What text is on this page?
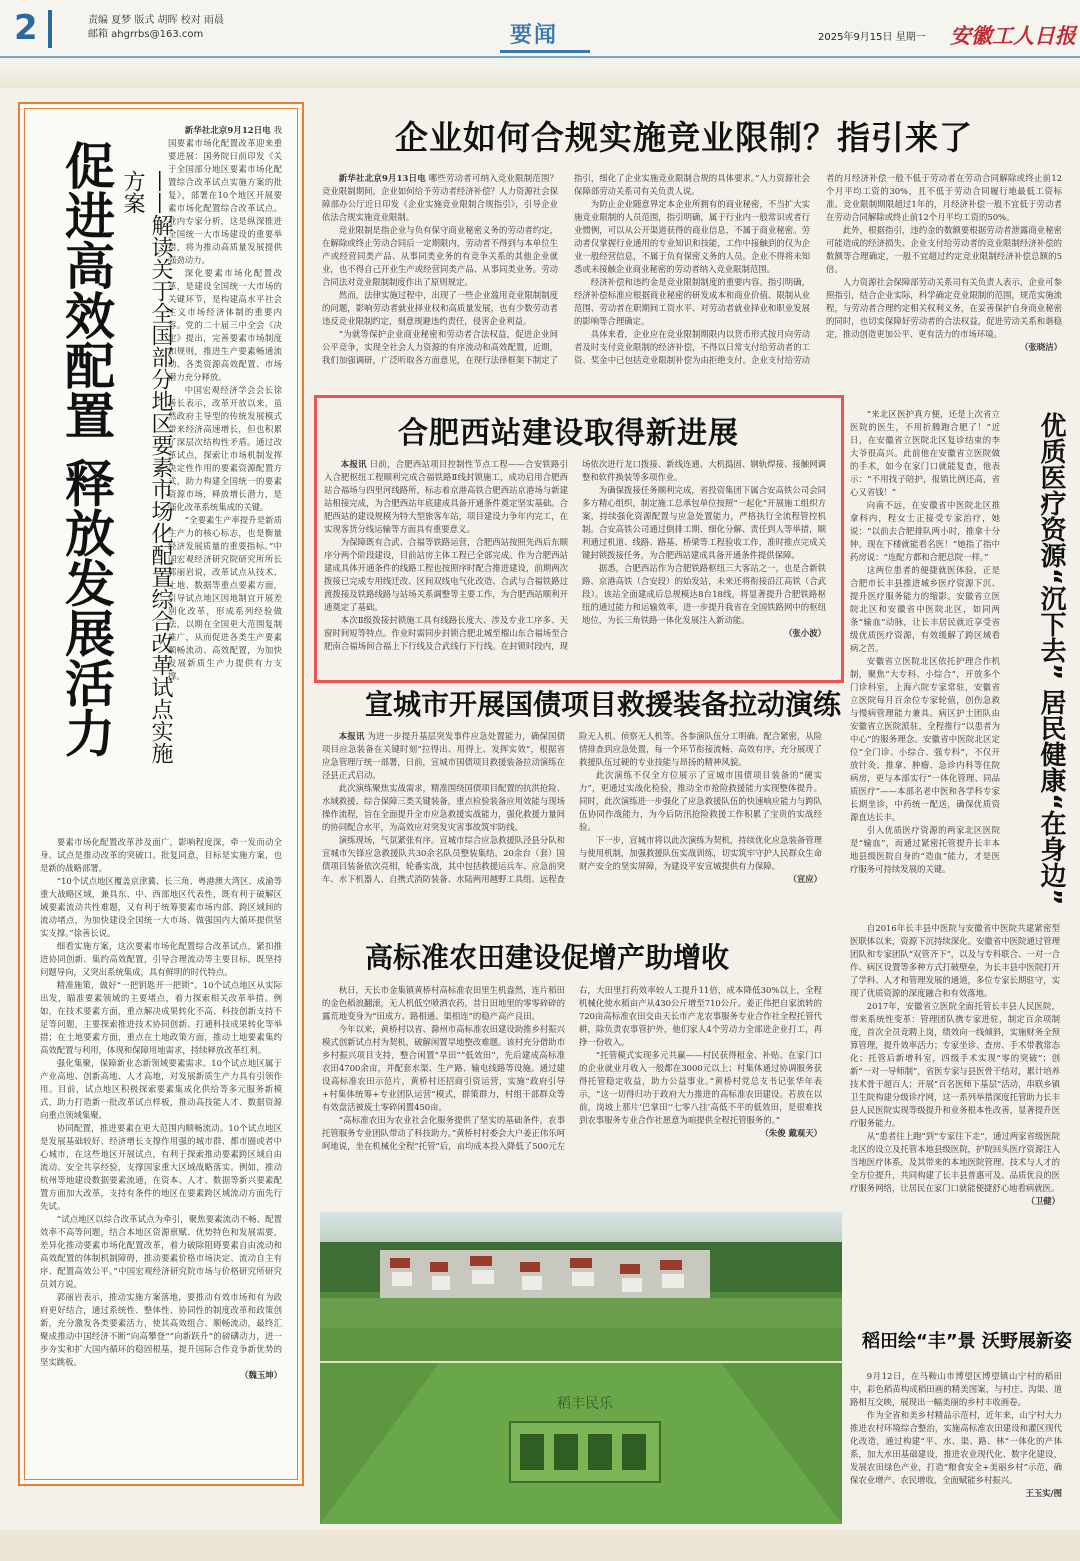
2	责编 夏梦 版式 胡晖 校对 雨晨
邮箱 ahgrrbs@163.com	要闻	2025年9月15日 星期一 安徽工人日报
促进高效配置 释放发展活力	——解读关于全国部分地区要素市场化配置综合改革试点实施方案

新华社北京9月12日电 我国要素市场化配置改革迎来重要进展：国务院日前印发《关于全国部分地区要素市场化配置综合改革试点实施方案的批复》，部署在10个地区开展要素市场化配置综合改革试点。业内专家分析，这是纵深推进全国统一大市场建设的重要举措，将为推动高质量发展提供强劲动力。

深化要素市场化配置改革，是建设全国统一大市场的关键环节，是构建高水平社会主义市场经济体制的重要内容。党的二十届三中全会《决定》提出，完善要素市场制度和规则，推进生产要素畅通流动、各类资源高效配置、市场潜力充分释放。

中国宏观经济学会会长徐善长表示，改革开放以来，虽然政府主导型的传统发展模式带来经济高速增长，但也积累了深层次结构性矛盾。通过改革试点，探索让市场机制发挥决定性作用的要素资源配置方式，助力构建全国统一的要素资源市场，释放增长潜力，是强化改革系统集成的关键。

“全要素生产率提升是新质生产力的核心标志，也是衡量经济发展质量的重要指标。”中国宏观经济研究院研究所所长郭丽岩说，改革试点从技术、土地、数据等重点要素方面，引导试点地区因地制宜开展差别化改革，形成系列经验做法，以期在全国更大范围复制推广，从而促进各类生产要素顺畅流动、高效配置，为加快发展新质生产力提供有力支撑。

要素市场化配置改革涉及面广，影响程度深，牵一发而动全身。试点是推动改革的突破口。批复同意，目标是实施方案，也是新的战略部署。

“10个试点地区覆盖京津冀、长三角、粤港澳大湾区、成渝等重大战略区域，兼具东、中、西部地区代表性，既有利于破解区域要素流动共性难题，又有利于统筹要素市场内部、跨区域间的流动堵点，为加快建设全国统一大市场、做强国内大循环提供坚实支撑。”徐善长说。

细看实施方案，这次要素市场化配置综合改革试点，紧扣推进协同创新、集约高效配置，引导合理流动等主要目标，既坚持问题导向，又突出系统集成，具有鲜明的时代特点。

精准施策，做好“一把钥匙开一把锁”。10个试点地区从实际出发，瞄准要素领域的主要堵点，着力探索相关改革举措。例如，在技术要素方面，重点解决成果转化不高、科技创新支持不足等问题，主要探索推进技术协同创新、打通科技成果转化等举措；在土地要素方面，重点在土地政策方面，推动土地要素集约高效配置与利用，体现和保障用地需求，持续释放改革红利。

强化集聚，保障新业态新领域要素需求。10个试点地区属于产业高地、创新高地、人才高地，对发展新质生产力具有引领作用。目前，试点地区积极探索要素集成化供给等多元服务新模式，助力打造新一批改革试点样板，推动高技能人才、数据资源向重点领域集聚。

协同配置，推进要素在更大范围内顺畅流动。10个试点地区是发展基础较好、经济增长支撑作用强的城市群、都市圈或者中心城市，在这些地区开展试点，有利于探索推动要素跨区域自由流动、安全共享经验，支撑国家重大区域战略落实。例如，推动杭州等地建设数据要素流通，在资本、人才、数据等新兴要素配置方面加大改革，支持有条件的地区在要素跨区域流动方面先行先试。

“试点地区以综合改革试点为牵引，聚焦要素流动不畅、配置效率不高等问题，结合本地区资源禀赋、优势特色和发展需要，差异化推动要素市场化配置改革，着力破除阻碍要素自由流动和高效配置的体制机制障碍，推动要素价格市场决定、流动自主有序、配置高效公平。”中国宏观经济研究院市场与价格研究所研究员刘方说。

郭丽岩表示，推动实施方案落地，要推动有效市场和有为政府更好结合，通过系统性、整体性、协同性的制度改革和政策创新，充分激发各类要素活力，使其高效组合、顺畅流动，最终汇聚成推动中国经济不断“向高攀登”“向新跃升”的磅礴动力，进一步夯实和扩大国内循环的稳固根基，提升国际合作竞争新优势的坚实跳板。

（魏玉坤）
企业如何合规实施竞业限制？指引来了

新华社北京9月13日电 哪些劳动者可纳入竞业限制范围？竞业限制期间，企业如何给予劳动者经济补偿？人力资源社会保障部办公厅近日印发《企业实施竞业限制合规指引》，引导企业依法合规实施竞业限制。

竞业限制是指企业与负有保守商业秘密义务的劳动者约定，在解除或终止劳动合同后一定期限内，劳动者不得到与本单位生产或经营同类产品、从事同类业务的有竞争关系的其他企业就业，也不得自己开业生产或经营同类产品、从事同类业务。劳动合同法对竞业限制制度作出了原则规定。

然而，法律实施过程中，出现了一些企业滥用竞业限制制度的问题，影响劳动者就业择业权和高质量发展，也有少数劳动者违反竞业限制约定，刻意规避违约责任，侵害企业利益。

“为就等保护企业商业秘密和劳动者合法权益，促进企业间公平竞争，实现全社会人力资源的有序流动和高效配置，近期，我们加强调研，广泛听取各方面意见，在现行法律框架下制定了指引，细化了企业实施竞业限制合规的具体要求。”人力资源社会保障部劳动关系司有关负责人说。

为防止企业随意界定本企业所拥有的商业秘密，不当扩大实施竞业限制的人员范围，指引明确，属于行业内一般常识或者行业惯例，可以从公开渠道获得的商业信息，不属于商业秘密。劳动者仅掌握行业通用的专业知识和技能，工作中接触到的仅为企业一般经营信息，不属于负有保密义务的人员。企业不得将未知悉或未接触企业商业秘密的劳动者纳入竞业限制范围。

经济补偿和违约金是竞业限制制度的重要内容。指引明确，经济补偿标准应根据商业秘密的研发成本和商业价值、限制从业范围、劳动者在职期间工资水平、对劳动者就业择业和职业发展的影响等合理确定。

具体来看，企业应在竞业限制期限内以货币形式按月向劳动者及时支付竞业限制的经济补偿，不得以日常支付给劳动者的工资、奖金中已包括竞业限制补偿为由拒绝支付。企业支付给劳动者的月经济补偿一般不低于劳动者在劳动合同解除或终止前12个月平均工资的30%，且不低于劳动合同履行地最低工资标准。竞业限制期限超过1年的，月经济补偿一般不宜低于劳动者在劳动合同解除或终止前12个月平均工资的50%。

此外，根据指引，违约金的数额要根据劳动者泄露商业秘密可能造成的经济损失、企业支付给劳动者的竞业限制经济补偿的数额等合理确定，一般不宜超过约定竞业限制经济补偿总额的5倍。

人力资源社会保障部劳动关系司有关负责人表示，企业可参照指引，结合企业实际，科学确定竞业限制的范围，规范实施流程，与劳动者合理约定相关权利义务，在妥善保护自身商业秘密的同时，也切实保障好劳动者的合法权益，促进劳动关系和谐稳定，推动创造更加公平、更有活力的市场环境。

（张晓洁）
合肥西站建设取得新进展

本报讯 日前，合肥西站项目控制性节点工程——合安铁路引入合肥枢纽工程顺利完成合福铁路Ⅱ线封锁施工，成功启用合肥西站合福场与四里河线路所，标志着京港高铁合肥西站京港场与新建站相接完成，为合肥西站年底建成具备开通条件奠定坚实基础。合肥西站的建设规模为特大型旅客车站，项目建设力争年内完工，在实现客货分线运输等方面具有重要意义。

为保障既有合武、合福等铁路运营，合肥西站按照先西后东顺序分两个阶段建设，目前站房主体工程已全部完成。作为合肥西站建成具体开通条件的线路工程也按照序时配合推进建设，前期两次拨接已完成专用线迁改、区间双线电气化改造、合武与合福铁路过渡拨接及铁路线路与站场关系调整等主要工作，为合肥西站顺利开通奠定了基础。

本次Ⅱ级拨接封锁施工具有线路长度大、涉及专业工序多、天窗时间短等特点。作业时需同步封锁合肥北城至榴山东合福场至合肥南合福场间合福上下行线及合武线行下行线。在封锁时段内，现场依次进行龙口拨接、新线连通、大机捣固、钢轨焊接、接触网调整和软件换装等多项作业。

为确保拨接任务顺利完成，省投资集团下属合安高铁公司会同多方精心组织，制定施工总承包单位按照“一起化”开展施工组织方案，持续强化资源配置与应急处置能力，严格执行全流程管控机制。合安高铁公司通过倒排工期、细化分解、责任到人等举措，顺利通过机道、线路、路基、桥梁等工程验收工作，准时推点完成关键封锁拨接任务，为合肥西站建成具备开通条件提供保障。

据悉，合肥西站作为合肥铁路枢纽三大客站之一，也是合新铁路、京港高铁（合安段）的始发站，未来还将衔接沿江高铁（合武段）。该站全面建成后总规模达8台18线，将显著提升合肥铁路枢纽的通过能力和运输效率，进一步提升我省在全国铁路网中的枢纽地位，为长三角铁路一体化发展注入新动能。

（张小波）
宣城市开展国债项目救援装备拉动演练

本报讯 为进一步提升基层突发事件应急处置能力，确保国债项目应急装备在关键时刻“拉得出、用得上、发挥实效”，根据省应急管理厅统一部署，日前，宣城市国债项目救援装备拉动演练在泾县正式启动。

此次演练聚焦实战需求，精准围绕国债项目配置的抗洪抢险、水域救援、综合保障三类关键装备，重点检验装备应用效能与现场操作流程，旨在全面提升全市应急救援实战能力，强化救援力量间的协同配合水平，为高效应对突发灾害事故筑牢防线。

演练现场，气氛紧张有序。宣城市综合应急救援队泾县分队和宣城市矢锋应急救援队共30余名队员整装集结，20余台（套）国债项目装备依次亮相，轮番实战，其中包括救援运兵车、应急前突车、水下机器人、自携式消防装备、水陆两用越野工具组、远程查险无人机、侦察无人机等。各参演队伍分工明确、配合紧密，从险情排查到应急处置，每一个环节衔接流畅、高效有序，充分展现了救援队伍过硬的专业技能与昂扬的精神风貌。

此次演练不仅全方位展示了宣城市国债项目装备的“硬实力”，更通过实战化检验，推动全市抢险救援能力实现整体提升。同时，此次演练进一步强化了应急救援队伍的快速响应能力与跨队伍协同作战能力，为今后防汛抢险救援工作积累了宝贵的实战经验。

下一步，宣城市将以此次演练为契机，持续优化应急装备管理与使用机制，加强救援队伍实战训练，切实筑牢守护人民群众生命财产安全的坚实屏障，为建设平安宣城提供有力保障。

（宣应）
高标准农田建设促增产助增收

秋日，天长市金集镇黄桥村高标准农田里生机盎然，连片稻田的金色稻浪翻滚，无人机低空喷洒农药，昔日田地里的零零碎碎的露荒地变身为“田成方、路相通、渠相连”的稳产高产良田。

今年以来，黄桥村以省、滁州市高标准农田建设助推乡村振兴模式创新试点村为契机，破解闲置旱地整改难题。该村充分借助市乡村振兴项目支持，整合闲置“旱田”“低效田”，先后建成高标准农田4700余亩，并配套水渠、生产路、输电线路等设施。通过建设高标准农田示范片，黄桥村还招商引资运营，实施“政府引导+村集体统筹+专业团队运营”模式，群策群力，村组干部群众等有效盘活被废土零碎闲置450亩。

“高标准农田为农业社会化服务提供了坚实的基础条件，农事托管服务专业团队带动了科技助力。”黄桥村村委会大户姜正伟乐呵呵地说，坐在机械化全程“托管”后，亩均成本投入降低了500元左右，大田里打药效率较人工提升11倍，成本降低30%以上，全程机械化使水稻亩产从430公斤增至710公斤。姜正伟把自家流转的720亩高标准农田交由天长市产龙农事服务专业合作社全程托管代耕，除负责农事管护外，他们家人4个劳动力全部进企业打工，再挣一份收入。

“托管模式实现多元共赢——村民获得租金、补贴、在家门口的企业就业月收入一般都在3000元以上；村集体通过协调服务获得托管稳定收益，助力公益事业。”黄桥村党总支书记张华年表示，“这一切得归功于政府大力推进的高标准农田建设。若放在以前，岗坡上那片‘巴掌田’‘七零八挂’高低不平的低效田，是很难找到农事服务专业合作社愿意为咱提供全程托管服务的。”

（朱俊 戴观天）
稻丰民乐
优质医疗资源“沉下去” 居民健康“在身边”

“来北区医护真方便，还是上次省立医院的医生，不用折腾跑合肥了！”近日，在安徽省立医院北区复诊结束的李大爷很高兴。此前他在安徽省立医院做的手术，如今在家门口就能复查，他表示：“不用找子陪护，报销比例还高，省心又省钱！”

向南不远，在安徽省中医院北区推拿科内，程女士正接受专家治疗，她说：“以前去合肥排队两小时，推拿十分钟。现在下楼就能看名医！”她指了指中药房说：“连配方都和合肥总院一样。”

这两位患者的便捷就医体验，正是合肥市长丰县推进城乡医疗资源下沉、提升医疗服务能力的缩影。安徽省立医院北区和安徽省中医院北区，如同两条“输血”动脉，让长丰居民就近享受省级优质医疗资源，有效缓解了跨区域看病之苦。

安徽省立医院北区依托护理合作机制，聚焦“大专科、小综合”，开放多个门诊科室，上海六院专家常驻，安徽省立医院每月百余位专家轮值，创伤急救与慢病管理能力兼具。病区护士团队由安徽省立医院派驻，全程推行“以患者为中心”的服务理念。安徽省中医院北区定位“全门诊、小综合、强专科”，不仅开放针灸、推拿、肿瘤、急诊内科等住院病房，更与本部实行“一体化管理、同品质医疗”——本部名老中医和各学科专家长期坐诊，中药统一配送，确保优质资源直达长丰。

引入优质医疗资源的两家北区医院是“输血”，而通过紧密托管提升长丰本地县级医院自身的“造血”能力，才是医疗服务可持续发展的关键。

自2016年长丰县中医院与安徽省中医院共建紧密型医联体以来，资源下沉持续深化。安徽省中医院通过管理团队和专家团队“双管齐下”，以及与专科联合、一对一合作、病区设置等多种方式打破壁垒，为长丰县中医院打开了学科、人才和管理发展的通道，多位专家长期驻守，实现了优质资源的深度融合和有效落地。

2017年，安徽省立医院全面托管长丰县人民医院，带来系统性变革：管理团队携专家进驻，制定百余项制度，首次全员竞聘上岗，绩效向一线倾斜，实施财务全预算管理，提升效率活力；专家坐诊、查房、手术带教常态化；托管后新增科室，四级手术实现“零的突破”；创新“一对一导师制”，省医专家与县医骨干结对，累计培养技术骨干超百人；开展“百名医师下基层”活动，串联乡镇卫生院构建分级诊疗网，这一系列举措深度托管助力长丰县人民医院实现等级提升和业务根本性改善，显著提升医疗服务能力。

从“患者往上跑”到“专家往下走”，通过两家省级医院北区的设立及托管本地县级医院，护院回头医疗资源注入当地医疗体系，及其带来的本地医院管理、技术与人才的全方位提升，共同构建了长丰县普惠可及、品质优良的医疗服务网络，让居民在家门口就能便捷舒心地看病就医。

（卫健）
稻田绘“丰”景 沃野展新姿

9月12日，在马鞍山市博望区博望镇山宁村的稻田中，彩色稻苗构成稻田画的精美图案，与村庄、沟渠、道路相互交映，展现出一幅美丽的乡村丰收画卷。

作为全省和美乡村精品示范村，近年来，山宁村大力推进农村环境综合整治，实施高标准农田建设和灌区现代化改造，通过构建“平、水、渠、路、林”一体化的产体系，加大水田基础建设，推进农业现代化、数字化建设，发展农田绿色产业，打造“粮食安全+美丽乡村”示范，确保农业增产、农民增收，全面赋能乡村振兴。

王玉实/图
